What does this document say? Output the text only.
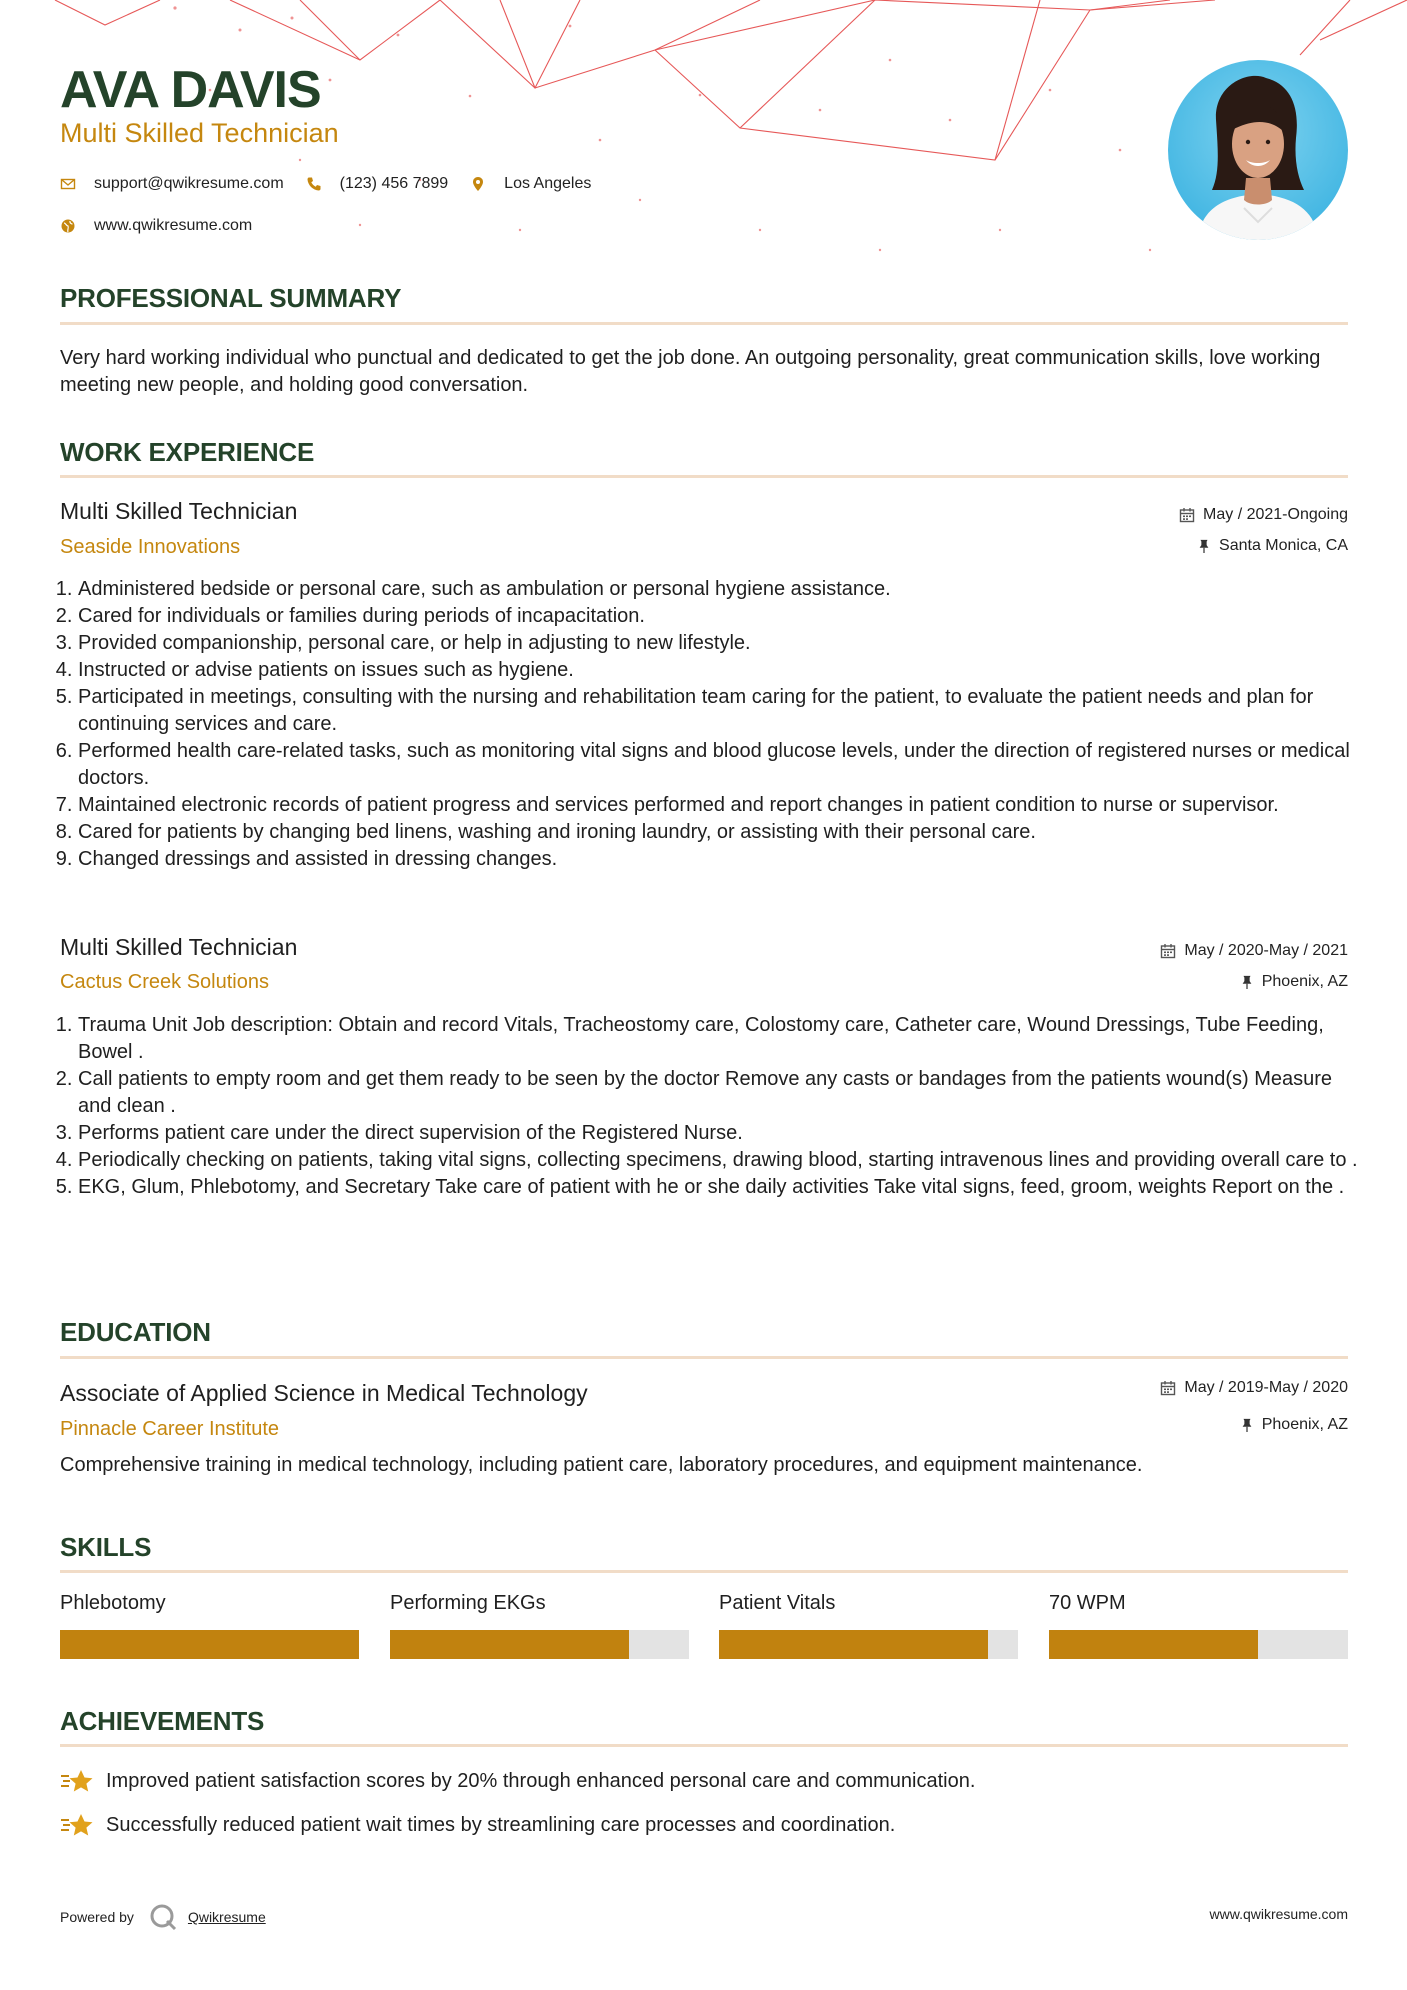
AVA DAVIS
Multi Skilled Technician
support@qwikresume.com	(123) 456 7899	Los Angeles
www.qwikresume.com
PROFESSIONAL SUMMARY

Very hard working individual who punctual and dedicated to get the job done. An outgoing personality, great communication skills, love working meeting new people, and holding good conversation.

WORK EXPERIENCE
Multi Skilled Technician
Seaside Innovations
May / 2021-Ongoing
Santa Monica, CA
1. Administered bedside or personal care, such as ambulation or personal hygiene assistance.
2. Cared for individuals or families during periods of incapacitation.
3. Provided companionship, personal care, or help in adjusting to new lifestyle.
4. Instructed or advise patients on issues such as hygiene.
5. Participated in meetings, consulting with the nursing and rehabilitation team caring for the patient, to evaluate the patient needs and plan for continuing services and care.
6. Performed health care-related tasks, such as monitoring vital signs and blood glucose levels, under the direction of registered nurses or medical doctors.
7. Maintained electronic records of patient progress and services performed and report changes in patient condition to nurse or supervisor.
8. Cared for patients by changing bed linens, washing and ironing laundry, or assisting with their personal care.
9. Changed dressings and assisted in dressing changes.
Multi Skilled Technician
Cactus Creek Solutions
May / 2020-May / 2021
Phoenix, AZ
1. Trauma Unit Job description: Obtain and record Vitals, Tracheostomy care, Colostomy care, Catheter care, Wound Dressings, Tube Feeding, Bowel .
2. Call patients to empty room and get them ready to be seen by the doctor Remove any casts or bandages from the patients wound(s) Measure and clean .
3. Performs patient care under the direct supervision of the Registered Nurse.
4. Periodically checking on patients, taking vital signs, collecting specimens, drawing blood, starting intravenous lines and providing overall care to .
5. EKG, Glum, Phlebotomy, and Secretary Take care of patient with he or she daily activities Take vital signs, feed, groom, weights Report on the .
EDUCATION
Associate of Applied Science in Medical Technology
Pinnacle Career Institute
May / 2019-May / 2020
Phoenix, AZ

Comprehensive training in medical technology, including patient care, laboratory procedures, and equipment maintenance.

SKILLS
Phlebotomy	Performing EKGs	Patient Vitals	70 WPM
ACHIEVEMENTS
Improved patient satisfaction scores by 20% through enhanced personal care and communication.
Successfully reduced patient wait times by streamlining care processes and coordination.
Powered by	Qwikresume	www.qwikresume.com
